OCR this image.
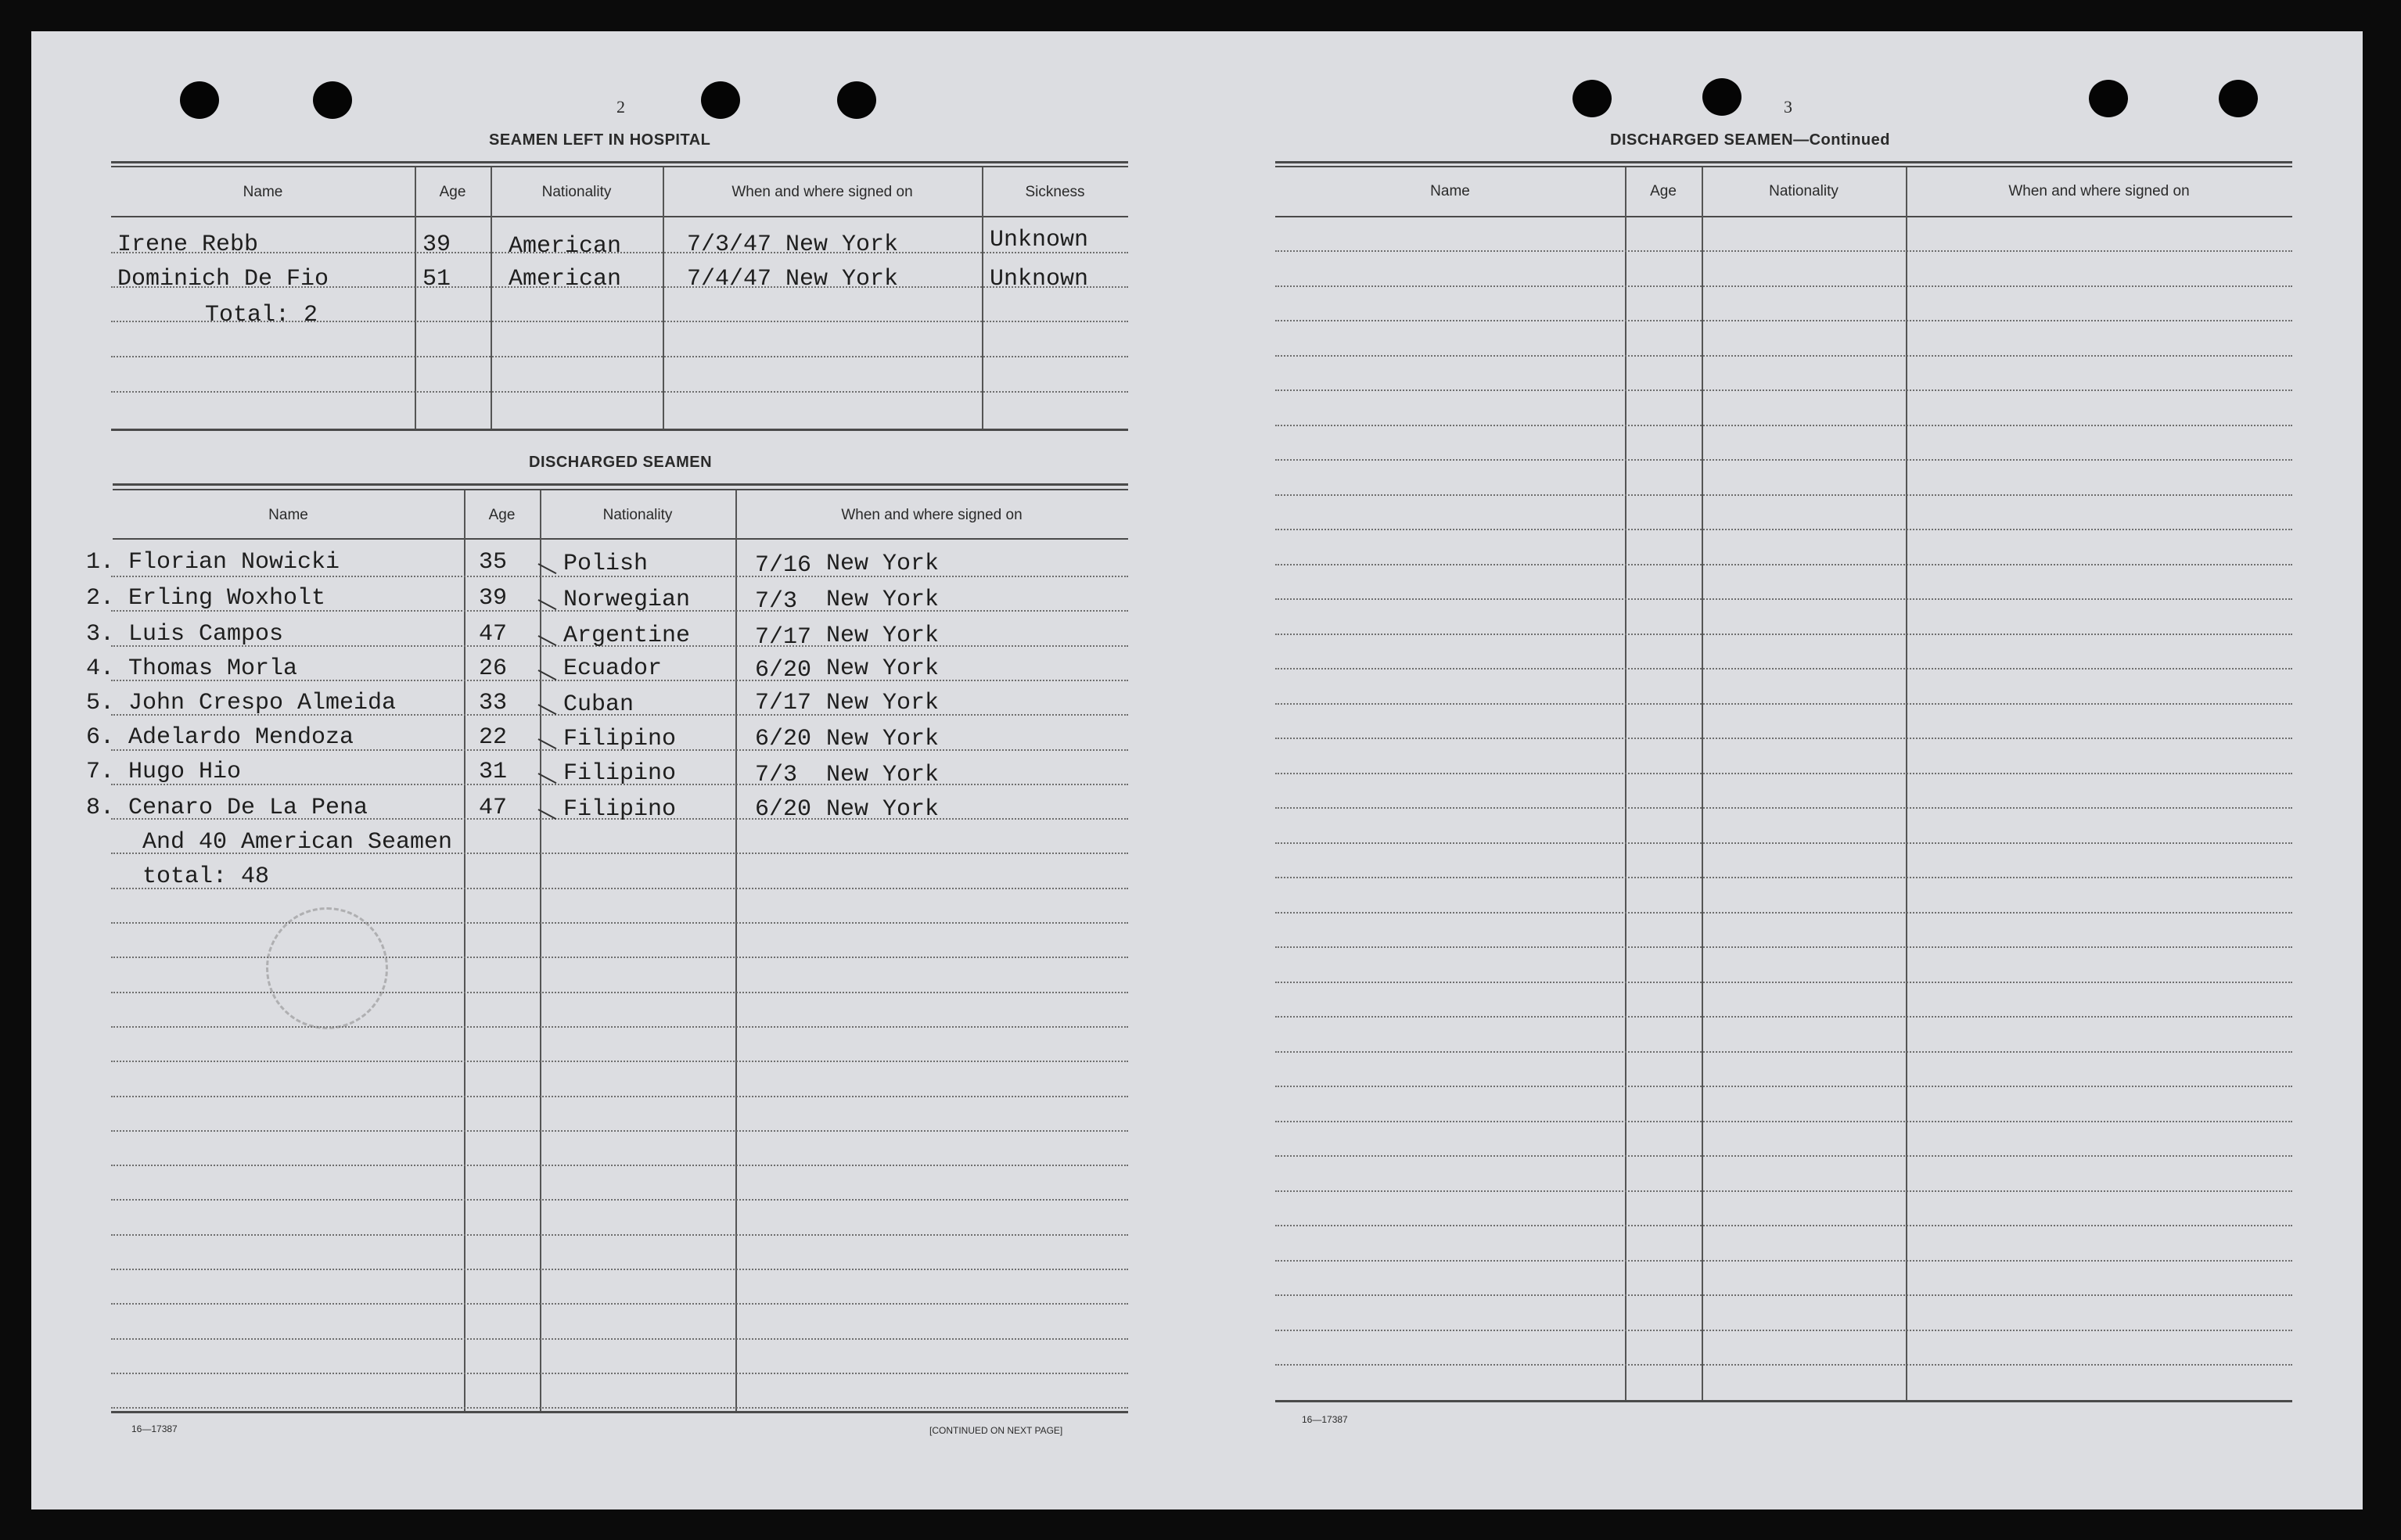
2
SEAMEN LEFT IN HOSPITAL
Name	Age	Nationality	When and where signed on	Sickness
Irene Rebb	39 American	7/3/47 New York	Unknown
Dominich De Fio	51 American	7/4/47 New York	Unknown
Total: 2
DISCHARGED SEAMEN
Name	Age	Nationality	When and where signed on
1. Florian Nowicki	35 Polish	7/16 New York
2. Erling Woxholt	39 Norwegian	7/3 New York
3. Luis Campos	47 Argentine	7/17 New York
4. Thomas Morla	26 Ecuador	6/20 New York
5. John Crespo Almeida	33 Cuban	7/17 New York
6. Adelardo Mendoza	22 Filipino	6/20 New York
7. Hugo Hio	31 Filipino	7/3 New York
8. Cenaro De La Pena	47 Filipino	6/20 New York
And 40 American Seamen
total: 48
16—17387	[CONTINUED ON NEXT PAGE]
3
DISCHARGED SEAMEN—Continued
Name	Age	Nationality	When and where signed on
16—17387
